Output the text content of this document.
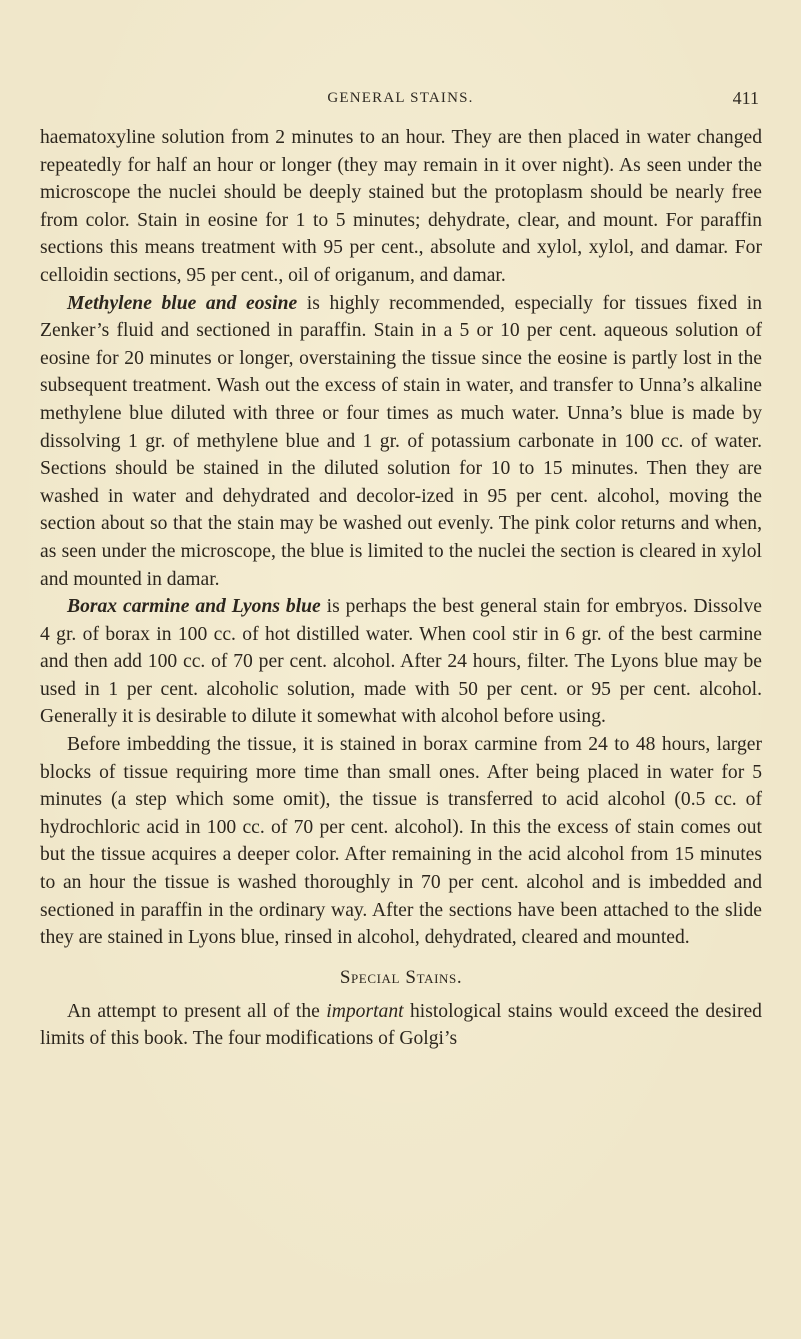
GENERAL STAINS.	411

haematoxyline solution from 2 minutes to an hour. They are then placed in water changed repeatedly for half an hour or longer (they may remain in it over night). As seen under the microscope the nuclei should be deeply stained but the protoplasm should be nearly free from color. Stain in eosine for 1 to 5 minutes; dehydrate, clear, and mount. For paraffin sections this means treatment with 95 per cent., absolute and xylol, xylol, and damar. For celloidin sections, 95 per cent., oil of origanum, and damar.

Methylene blue and eosine is highly recommended, especially for tissues fixed in Zenker’s fluid and sectioned in paraffin. Stain in a 5 or 10 per cent. aqueous solution of eosine for 20 minutes or longer, overstaining the tissue since the eosine is partly lost in the subsequent treatment. Wash out the excess of stain in water, and transfer to Unna’s alkaline methylene blue diluted with three or four times as much water. Unna’s blue is made by dissolving 1 gr. of methylene blue and 1 gr. of potassium carbonate in 100 cc. of water. Sections should be stained in the diluted solution for 10 to 15 minutes. Then they are washed in water and dehydrated and decolor-ized in 95 per cent. alcohol, moving the section about so that the stain may be washed out evenly. The pink color returns and when, as seen under the microscope, the blue is limited to the nuclei the section is cleared in xylol and mounted in damar.

Borax carmine and Lyons blue is perhaps the best general stain for embryos. Dissolve 4 gr. of borax in 100 cc. of hot distilled water. When cool stir in 6 gr. of the best carmine and then add 100 cc. of 70 per cent. alcohol. After 24 hours, filter. The Lyons blue may be used in 1 per cent. alcoholic solution, made with 50 per cent. or 95 per cent. alcohol. Generally it is desirable to dilute it somewhat with alcohol before using.

Before imbedding the tissue, it is stained in borax carmine from 24 to 48 hours, larger blocks of tissue requiring more time than small ones. After being placed in water for 5 minutes (a step which some omit), the tissue is transferred to acid alcohol (0.5 cc. of hydrochloric acid in 100 cc. of 70 per cent. alcohol). In this the excess of stain comes out but the tissue acquires a deeper color. After remaining in the acid alcohol from 15 minutes to an hour the tissue is washed thoroughly in 70 per cent. alcohol and is imbedded and sectioned in paraffin in the ordinary way. After the sections have been attached to the slide they are stained in Lyons blue, rinsed in alcohol, dehydrated, cleared and mounted.

Special Stains.

An attempt to present all of the important histological stains would exceed the desired limits of this book. The four modifications of Golgi’s
